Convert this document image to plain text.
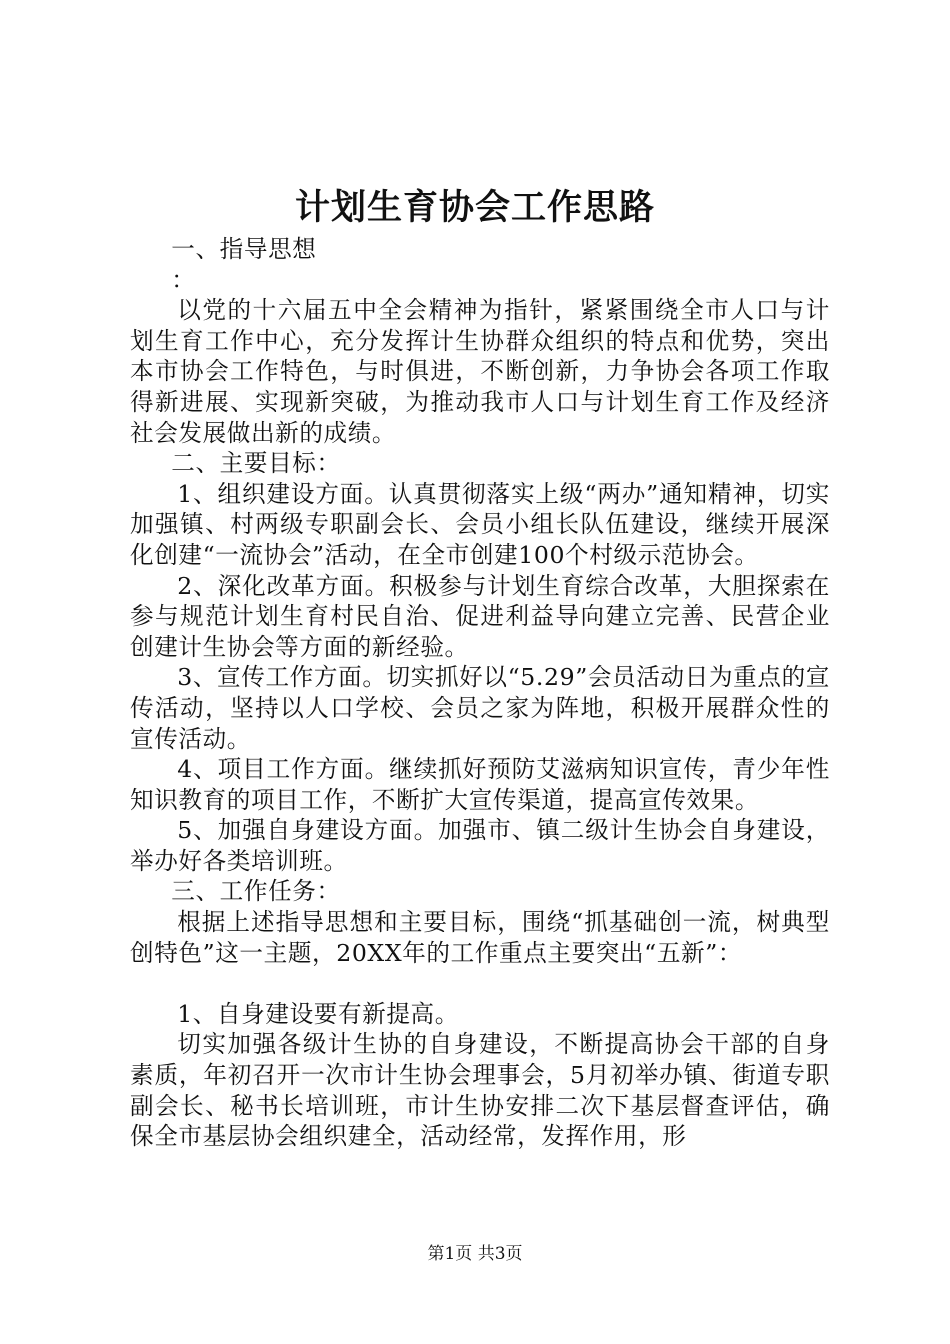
计划生育协会工作思路

一、指导思想

：

以党的十六届五中全会精神为指针，紧紧围绕全市人口与计划生育工作中心，充分发挥计生协群众组织的特点和优势，突出本市协会工作特色，与时俱进，不断创新，力争协会各项工作取得新进展、实现新突破，为推动我市人口与计划生育工作及经济社会发展做出新的成绩。

二、主要目标：

1、组织建设方面。认真贯彻落实上级“两办”通知精神，切实加强镇、村两级专职副会长、会员小组长队伍建设，继续开展深化创建“一流协会”活动，在全市创建100个村级示范协会。

2、深化改革方面。积极参与计划生育综合改革，大胆探索在参与规范计划生育村民自治、促进利益导向建立完善、民营企业创建计生协会等方面的新经验。

3、宣传工作方面。切实抓好以“5.29”会员活动日为重点的宣传活动，坚持以人口学校、会员之家为阵地，积极开展群众性的宣传活动。

4、项目工作方面。继续抓好预防艾滋病知识宣传，青少年性知识教育的项目工作，不断扩大宣传渠道，提高宣传效果。

5、加强自身建设方面。加强市、镇二级计生协会自身建设，举办好各类培训班。

三、工作任务：

根据上述指导思想和主要目标，围绕“抓基础创一流，树典型创特色”这一主题，20XX年的工作重点主要突出“五新”：

1、自身建设要有新提高。

切实加强各级计生协的自身建设，不断提高协会干部的自身素质，年初召开一次市计生协会理事会，5月初举办镇、街道专职副会长、秘书长培训班，市计生协安排二次下基层督查评估，确保全市基层协会组织建全，活动经常，发挥作用，形

第1页 共3页
